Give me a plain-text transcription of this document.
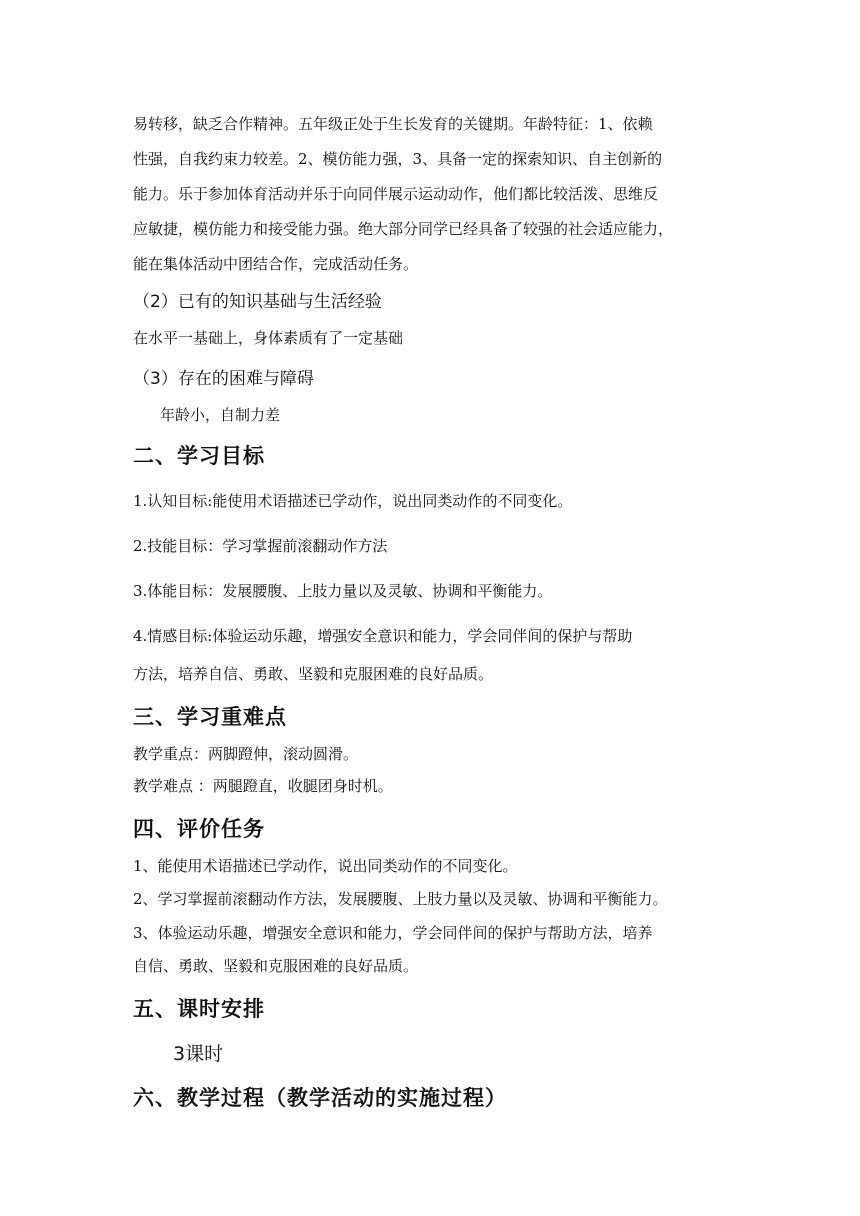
易转移，缺乏合作精神。五年级正处于生长发育的关键期。年龄特征：1、依赖

性强，自我约束力较差。2、模仿能力强，3、具备一定的探索知识、自主创新的

能力。乐于参加体育活动并乐于向同伴展示运动动作，他们都比较活泼、思维反

应敏捷，模仿能力和接受能力强。绝大部分同学已经具备了较强的社会适应能力，

能在集体活动中团结合作，完成活动任务。

（2）已有的知识基础与生活经验

在水平一基础上，身体素质有了一定基础

（3）存在的困难与障碍

年龄小，自制力差

二、学习目标

1.认知目标:能使用术语描述已学动作，说出同类动作的不同变化。

2.技能目标：学习掌握前滚翻动作方法

3.体能目标：发展腰腹、上肢力量以及灵敏、协调和平衡能力。

4.情感目标:体验运动乐趣，增强安全意识和能力，学会同伴间的保护与帮助

方法，培养自信、勇敢、坚毅和克服困难的良好品质。

三、学习重难点

教学重点：两脚蹬伸，滚动圆滑。

教学难点 ：两腿蹬直，收腿团身时机。

四、评价任务

1、能使用术语描述已学动作，说出同类动作的不同变化。

2、学习掌握前滚翻动作方法，发展腰腹、上肢力量以及灵敏、协调和平衡能力。

3、体验运动乐趣，增强安全意识和能力，学会同伴间的保护与帮助方法，培养

自信、勇敢、坚毅和克服困难的良好品质。

五、课时安排

3课时

六、教学过程（教学活动的实施过程）
